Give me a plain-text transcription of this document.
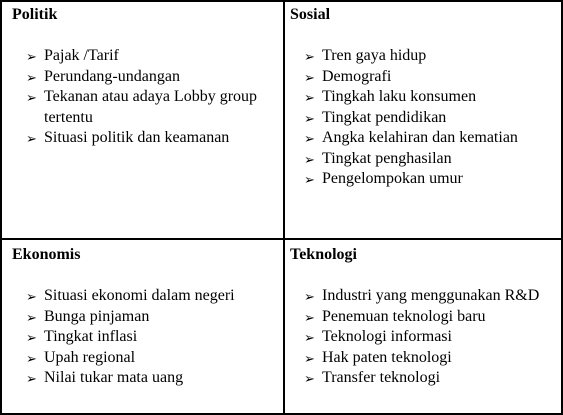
Politik

➢ Pajak /Tarif
➢ Perundang-undangan
➢ Tekanan atau adaya Lobby group tertentu
➢ Situasi politik dan keamanan

Sosial

➢ Tren gaya hidup
➢ Demografi
➢ Tingkah laku konsumen
➢ Tingkat pendidikan
➢ Angka kelahiran dan kematian
➢ Tingkat penghasilan
➢ Pengelompokan umur

Ekonomis

➢ Situasi ekonomi dalam negeri
➢ Bunga pinjaman
➢ Tingkat inflasi
➢ Upah regional
➢ Nilai tukar mata uang

Teknologi

➢ Industri yang menggunakan R&D
➢ Penemuan teknologi baru
➢ Teknologi informasi
➢ Hak paten teknologi
➢ Transfer teknologi
